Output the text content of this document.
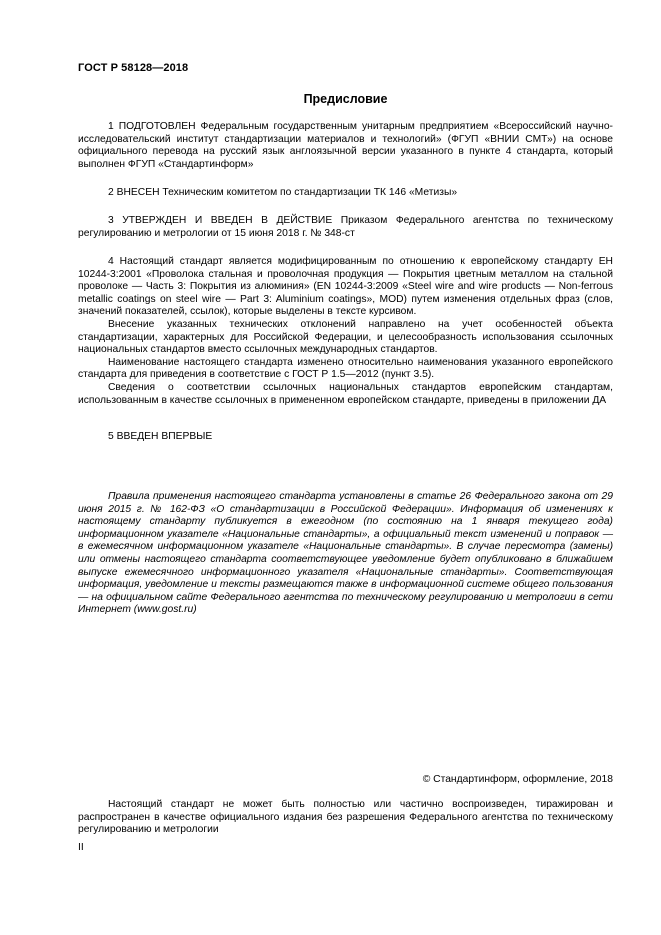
ГОСТ Р 58128—2018
Предисловие
1 ПОДГОТОВЛЕН Федеральным государственным унитарным предприятием «Всероссийский научно-исследовательский институт стандартизации материалов и технологий» (ФГУП «ВНИИ СМТ») на основе официального перевода на русский язык англоязычной версии указанного в пункте 4 стандарта, который выполнен ФГУП «Стандартинформ»
2 ВНЕСЕН Техническим комитетом по стандартизации ТК 146 «Метизы»
3 УТВЕРЖДЕН И ВВЕДЕН В ДЕЙСТВИЕ Приказом Федерального агентства по техническому регулированию и метрологии от 15 июня 2018 г. № 348-ст

4 Настоящий стандарт является модифицированным по отношению к европейскому стандарту ЕН 10244-3:2001 «Проволока стальная и проволочная продукция — Покрытия цветным металлом на стальной проволоке — Часть 3: Покрытия из алюминия» (EN 10244-3:2009 «Steel wire and wire products — Non-ferrous metallic coatings on steel wire — Part 3: Aluminium coatings», MOD) путем изменения отдельных фраз (слов, значений показателей, ссылок), которые выделены в тексте курсивом.

Внесение указанных технических отклонений направлено на учет особенностей объекта стандартизации, характерных для Российской Федерации, и целесообразность использования ссылочных национальных стандартов вместо ссылочных международных стандартов.

Наименование настоящего стандарта изменено относительно наименования указанного европейского стандарта для приведения в соответствие с ГОСТ Р 1.5—2012 (пункт 3.5).

Сведения о соответствии ссылочных национальных стандартов европейским стандартам, использованным в качестве ссылочных в примененном европейском стандарте, приведены в приложении ДА

5 ВВЕДЕН ВПЕРВЫЕ
Правила применения настоящего стандарта установлены в статье 26 Федерального закона от 29 июня 2015 г. № 162-ФЗ «О стандартизации в Российской Федерации». Информация об изменениях к настоящему стандарту публикуется в ежегодном (по состоянию на 1 января текущего года) информационном указателе «Национальные стандарты», а официальный текст изменений и поправок — в ежемесячном информационном указателе «Национальные стандарты». В случае пересмотра (замены) или отмены настоящего стандарта соответствующее уведомление будет опубликовано в ближайшем выпуске ежемесячного информационного указателя «Национальные стандарты». Соответствующая информация, уведомление и тексты размещаются также в информационной системе общего пользования — на официальном сайте Федерального агентства по техническому регулированию и метрологии в сети Интернет (www.gost.ru)
© Стандартинформ, оформление, 2018
Настоящий стандарт не может быть полностью или частично воспроизведен, тиражирован и распространен в качестве официального издания без разрешения Федерального агентства по техническому регулированию и метрологии
II
